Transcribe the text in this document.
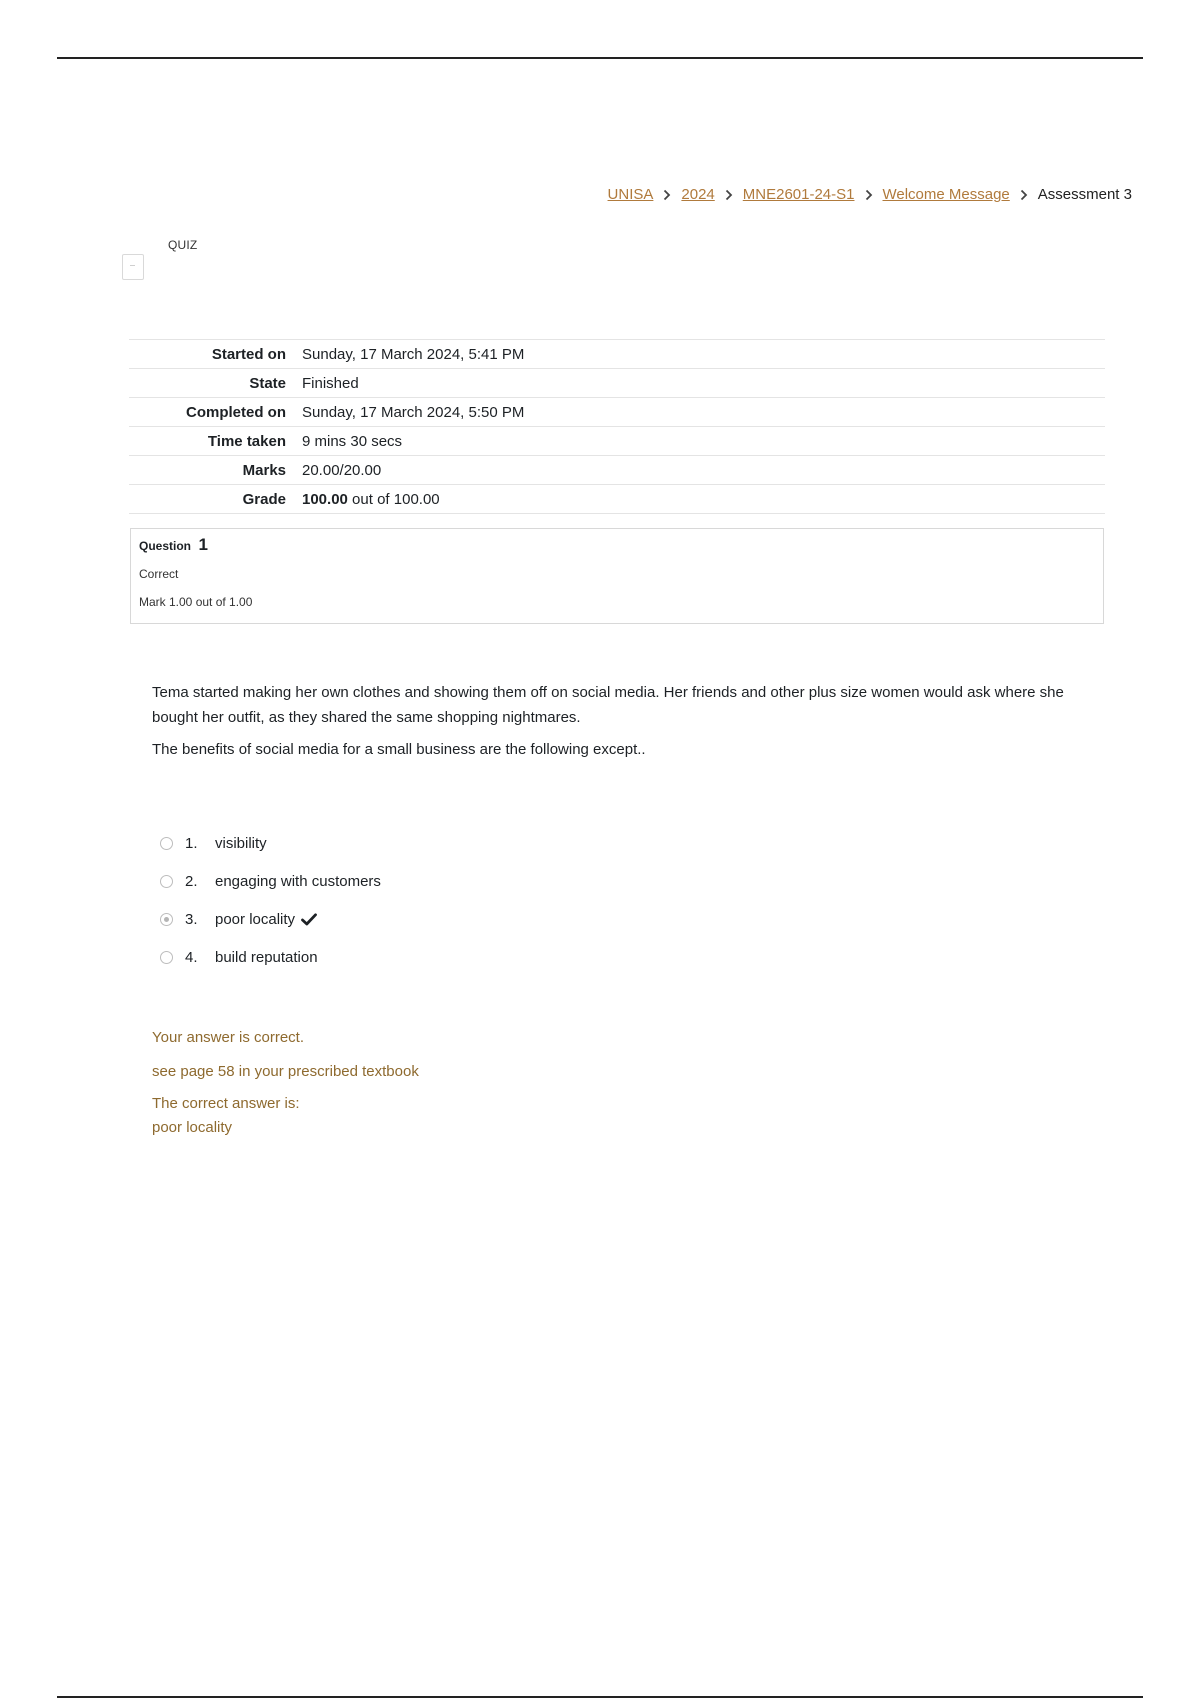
UNISA 2024 MNE2601-24-S1 Welcome Message Assessment 3
QUIZ
Started on	Sunday, 17 March 2024, 5:41 PM
State	Finished
Completed on	Sunday, 17 March 2024, 5:50 PM
Time taken	9 mins 30 secs
Marks	20.00/20.00
Grade	100.00 out of 100.00
Question 1
Correct
Mark 1.00 out of 1.00

Tema started making her own clothes and showing them off on social media. Her friends and other plus size women would ask where she bought her outfit, as they shared the same shopping nightmares.

The benefits of social media for a small business are the following except..

1.	visibility
2.	engaging with customers
3.	poor locality
4.	build reputation
Your answer is correct.
see page 58 in your prescribed textbook
The correct answer is:
poor locality
